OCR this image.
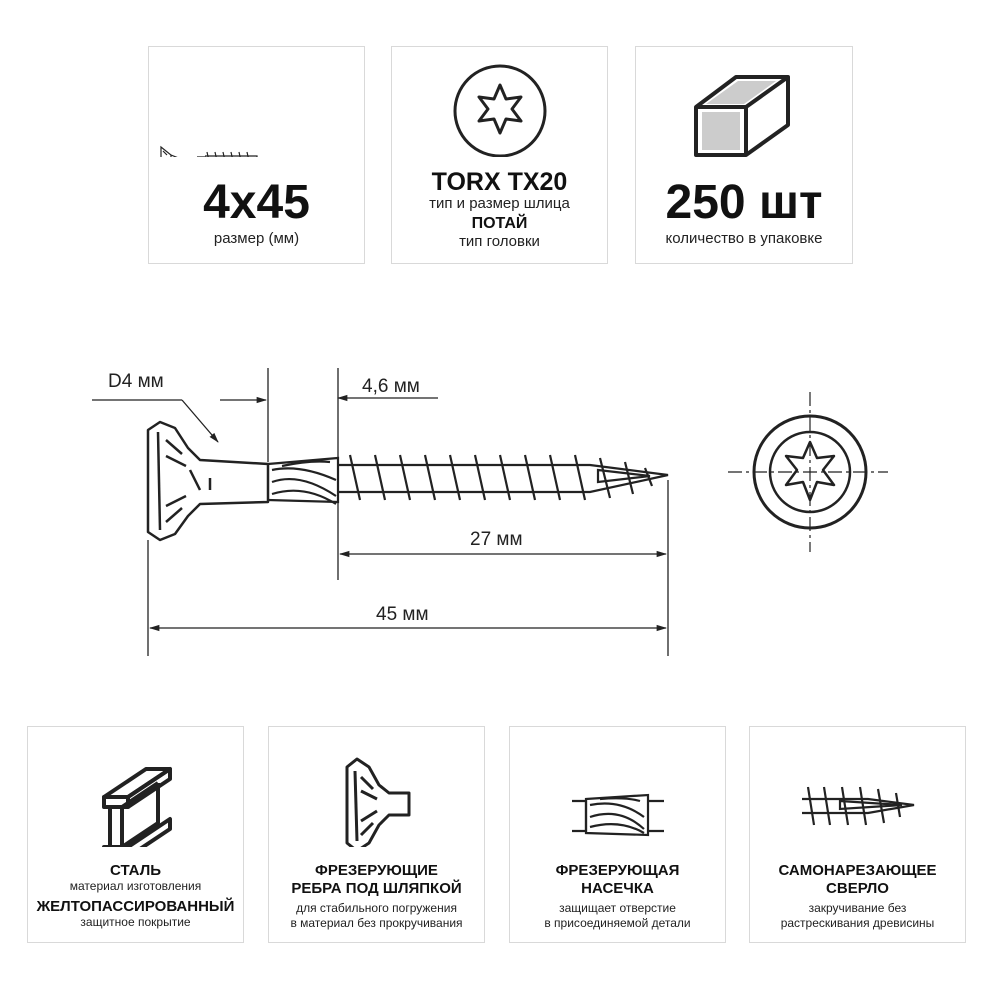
4x45
размер (мм)
TORX TX20
тип и размер шлица
ПОТАЙ
тип головки
250 шт
количество в упаковке
D4 мм	4,6 мм
27 мм
45 мм
СТАЛЬ
материал изготовления
ЖЕЛТОПАССИРОВАННЫЙ
защитное покрытие
ФРЕЗЕРУЮЩИЕ
РЕБРА ПОД ШЛЯПКОЙ
для стабильного погружения
в материал без прокручивания
ФРЕЗЕРУЮЩАЯ
НАСЕЧКА
защищает отверстие
в присоединяемой детали
САМОНАРЕЗАЮЩЕЕ
СВЕРЛО
закручивание без
растрескивания древисины
